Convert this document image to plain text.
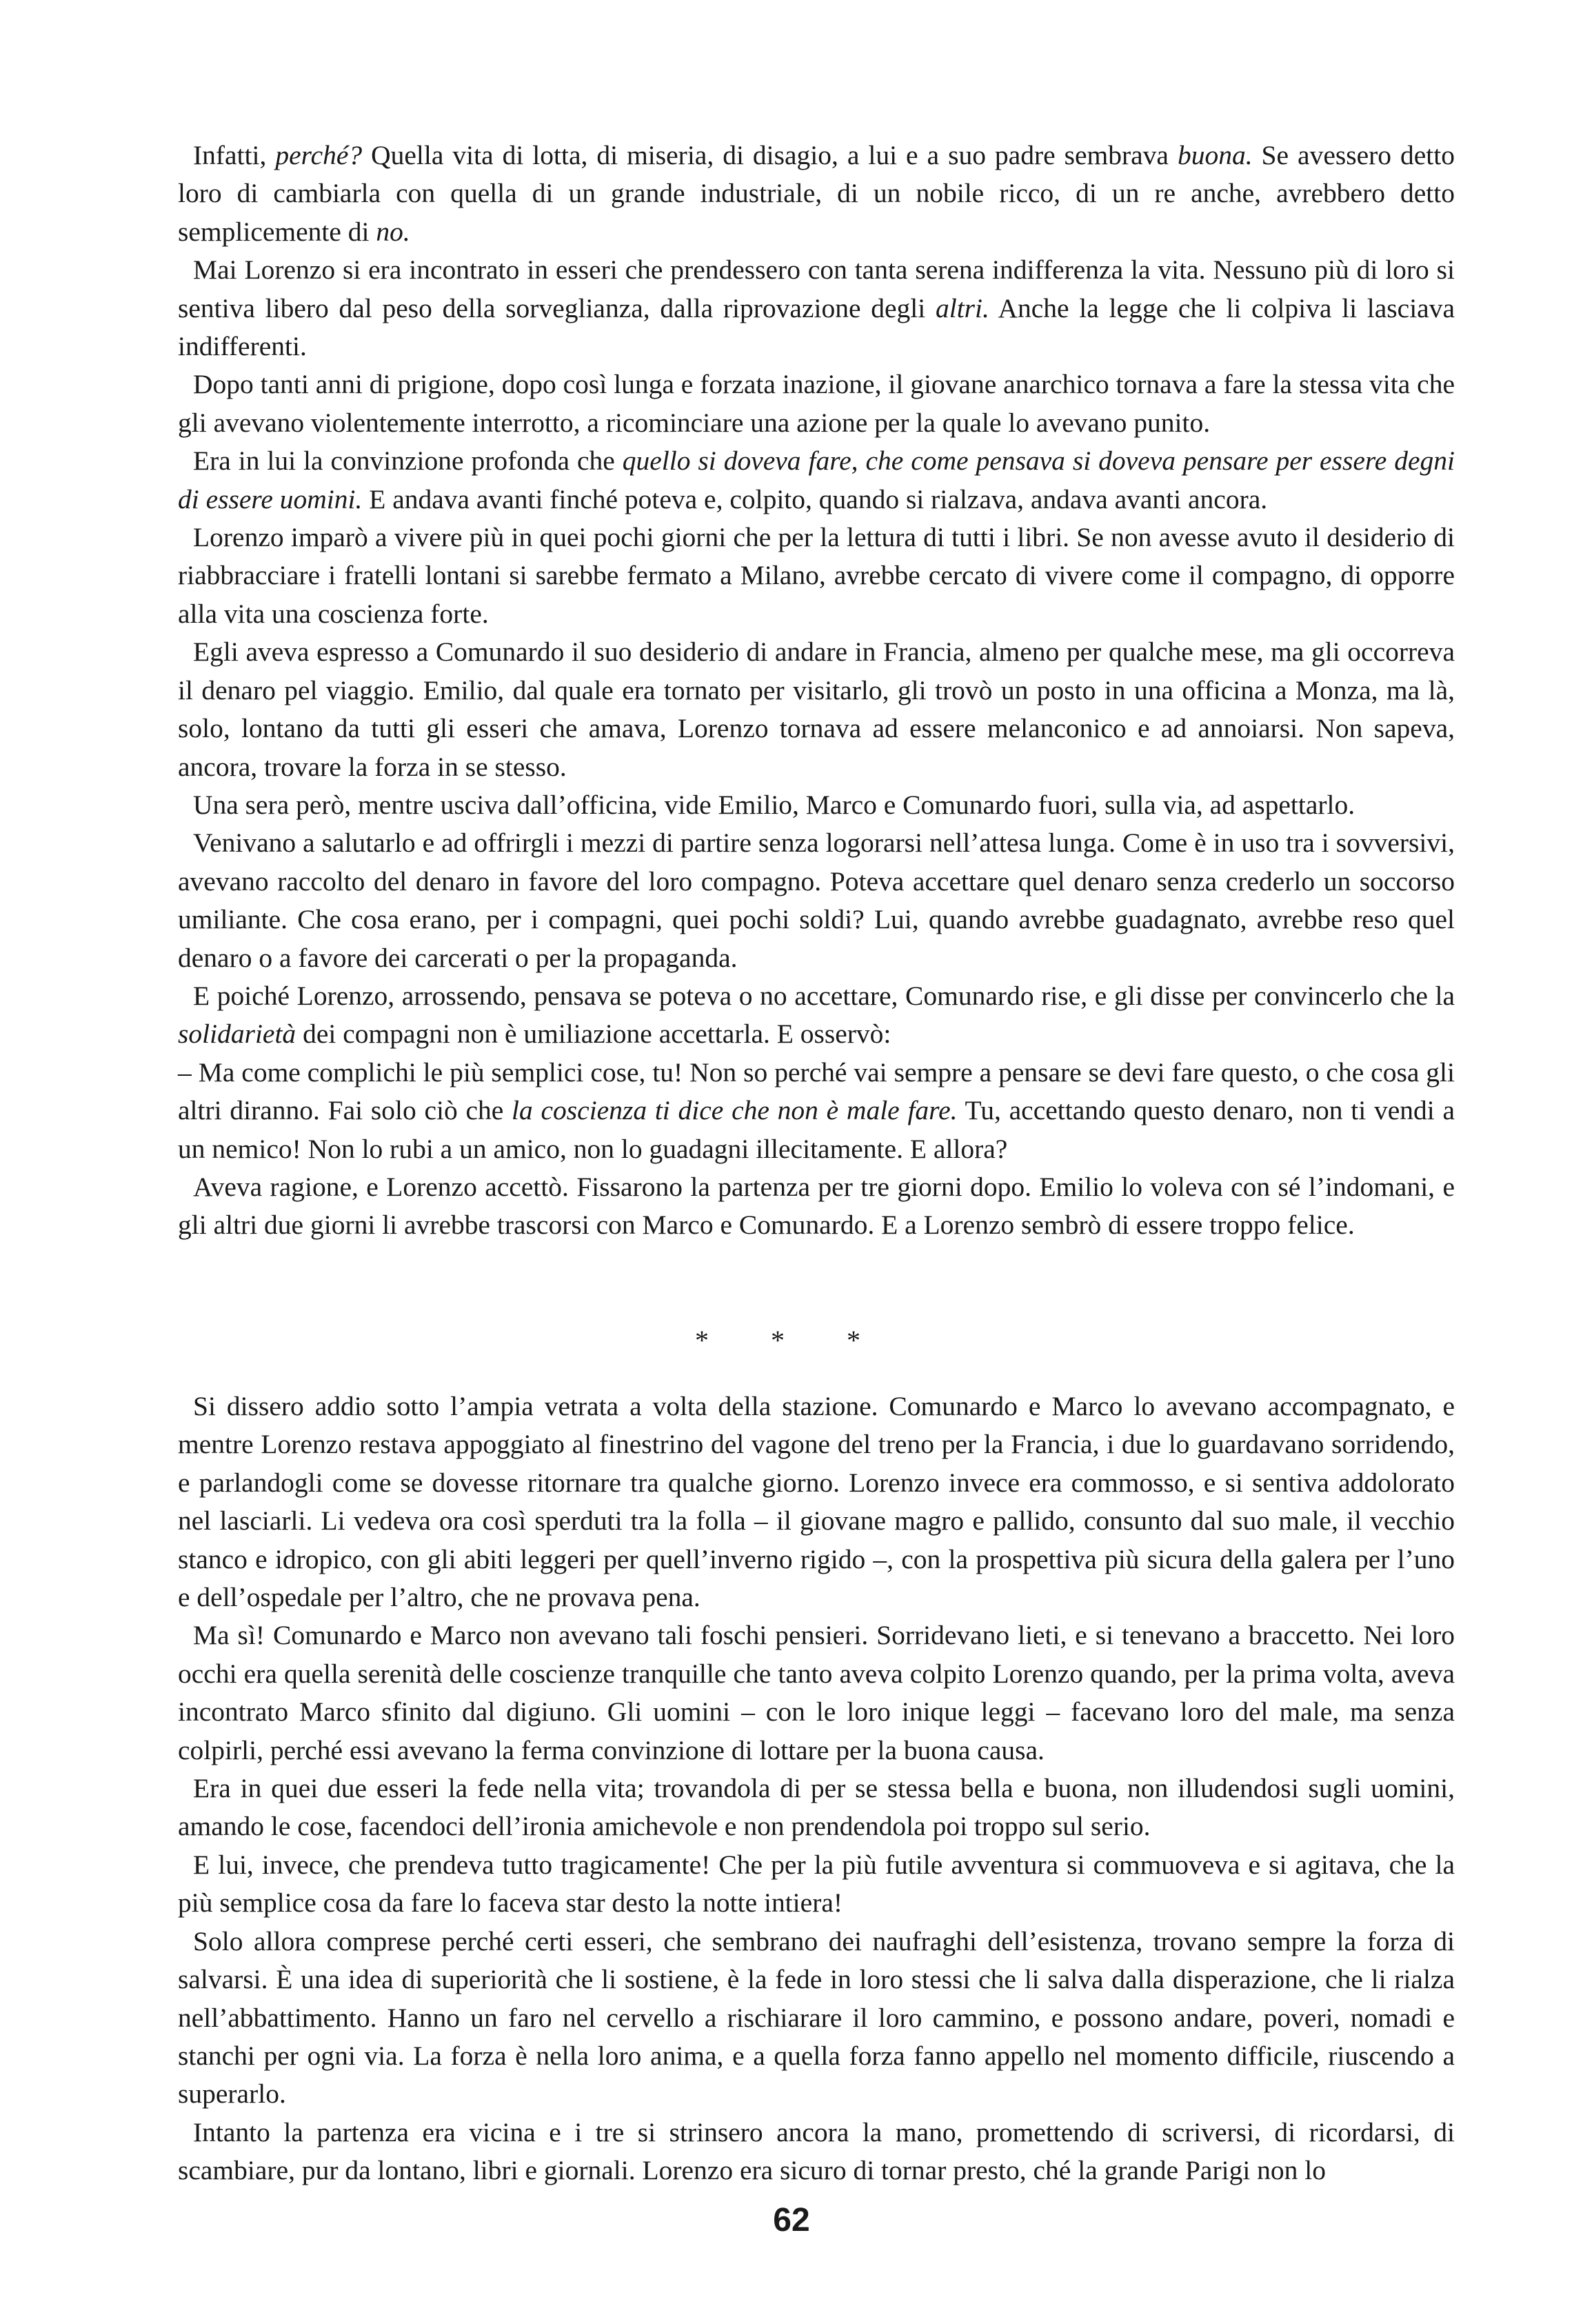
Infatti, perché? Quella vita di lotta, di miseria, di disagio, a lui e a suo padre sembrava buona. Se avessero detto loro di cambiarla con quella di un grande industriale, di un nobile ricco, di un re anche, avrebbero detto semplicemente di no.

Mai Lorenzo si era incontrato in esseri che prendessero con tanta serena indifferenza la vita. Nessuno più di loro si sentiva libero dal peso della sorveglianza, dalla riprovazione degli altri. Anche la legge che li colpiva li lasciava indifferenti.

Dopo tanti anni di prigione, dopo così lunga e forzata inazione, il giovane anarchico tornava a fare la stessa vita che gli avevano violentemente interrotto, a ricominciare una azione per la quale lo avevano punito.

Era in lui la convinzione profonda che quello si doveva fare, che come pensava si doveva pensare per essere degni di essere uomini. E andava avanti finché poteva e, colpito, quando si rialzava, andava avanti ancora.

Lorenzo imparò a vivere più in quei pochi giorni che per la lettura di tutti i libri. Se non avesse avuto il desiderio di riabbracciare i fratelli lontani si sarebbe fermato a Milano, avrebbe cercato di vivere come il compagno, di opporre alla vita una coscienza forte.

Egli aveva espresso a Comunardo il suo desiderio di andare in Francia, almeno per qualche mese, ma gli occorreva il denaro pel viaggio. Emilio, dal quale era tornato per visitarlo, gli trovò un posto in una officina a Monza, ma là, solo, lontano da tutti gli esseri che amava, Lorenzo tornava ad essere melanconico e ad annoiarsi. Non sapeva, ancora, trovare la forza in se stesso.

Una sera però, mentre usciva dall’officina, vide Emilio, Marco e Comunardo fuori, sulla via, ad aspettarlo.

Venivano a salutarlo e ad offrirgli i mezzi di partire senza logorarsi nell’attesa lunga. Come è in uso tra i sovversivi, avevano raccolto del denaro in favore del loro compagno. Poteva accettare quel denaro senza crederlo un soccorso umiliante. Che cosa erano, per i compagni, quei pochi soldi? Lui, quando avrebbe guadagnato, avrebbe reso quel denaro o a favore dei carcerati o per la propaganda.

E poiché Lorenzo, arrossendo, pensava se poteva o no accettare, Comunardo rise, e gli disse per convincerlo che la solidarietà dei compagni non è umiliazione accettarla. E osservò:

– Ma come complichi le più semplici cose, tu! Non so perché vai sempre a pensare se devi fare questo, o che cosa gli altri diranno. Fai solo ciò che la coscienza ti dice che non è male fare. Tu, accettando questo denaro, non ti vendi a un nemico! Non lo rubi a un amico, non lo guadagni illecitamente. E allora?

Aveva ragione, e Lorenzo accettò. Fissarono la partenza per tre giorni dopo. Emilio lo voleva con sé l’indomani, e gli altri due giorni li avrebbe trascorsi con Marco e Comunardo. E a Lorenzo sembrò di essere troppo felice.

* * *

Si dissero addio sotto l’ampia vetrata a volta della stazione. Comunardo e Marco lo avevano accompagnato, e mentre Lorenzo restava appoggiato al finestrino del vagone del treno per la Francia, i due lo guardavano sorridendo, e parlandogli come se dovesse ritornare tra qualche giorno. Lorenzo invece era commosso, e si sentiva addolorato nel lasciarli. Li vedeva ora così sperduti tra la folla – il giovane magro e pallido, consunto dal suo male, il vecchio stanco e idropico, con gli abiti leggeri per quell’inverno rigido –, con la prospettiva più sicura della galera per l’uno e dell’ospedale per l’altro, che ne provava pena.

Ma sì! Comunardo e Marco non avevano tali foschi pensieri. Sorridevano lieti, e si tenevano a braccetto. Nei loro occhi era quella serenità delle coscienze tranquille che tanto aveva colpito Lorenzo quando, per la prima volta, aveva incontrato Marco sfinito dal digiuno. Gli uomini – con le loro inique leggi – facevano loro del male, ma senza colpirli, perché essi avevano la ferma convinzione di lottare per la buona causa.

Era in quei due esseri la fede nella vita; trovandola di per se stessa bella e buona, non illudendosi sugli uomini, amando le cose, facendoci dell’ironia amichevole e non prendendola poi troppo sul serio.

E lui, invece, che prendeva tutto tragicamente! Che per la più futile avventura si commuoveva e si agitava, che la più semplice cosa da fare lo faceva star desto la notte intiera!

Solo allora comprese perché certi esseri, che sembrano dei naufraghi dell’esistenza, trovano sempre la forza di salvarsi. È una idea di superiorità che li sostiene, è la fede in loro stessi che li salva dalla disperazione, che li rialza nell’abbattimento. Hanno un faro nel cervello a rischiarare il loro cammino, e possono andare, poveri, nomadi e stanchi per ogni via. La forza è nella loro anima, e a quella forza fanno appello nel momento difficile, riuscendo a superarlo.

Intanto la partenza era vicina e i tre si strinsero ancora la mano, promettendo di scriversi, di ricordarsi, di scambiare, pur da lontano, libri e giornali. Lorenzo era sicuro di tornar presto, ché la grande Parigi non lo

62
